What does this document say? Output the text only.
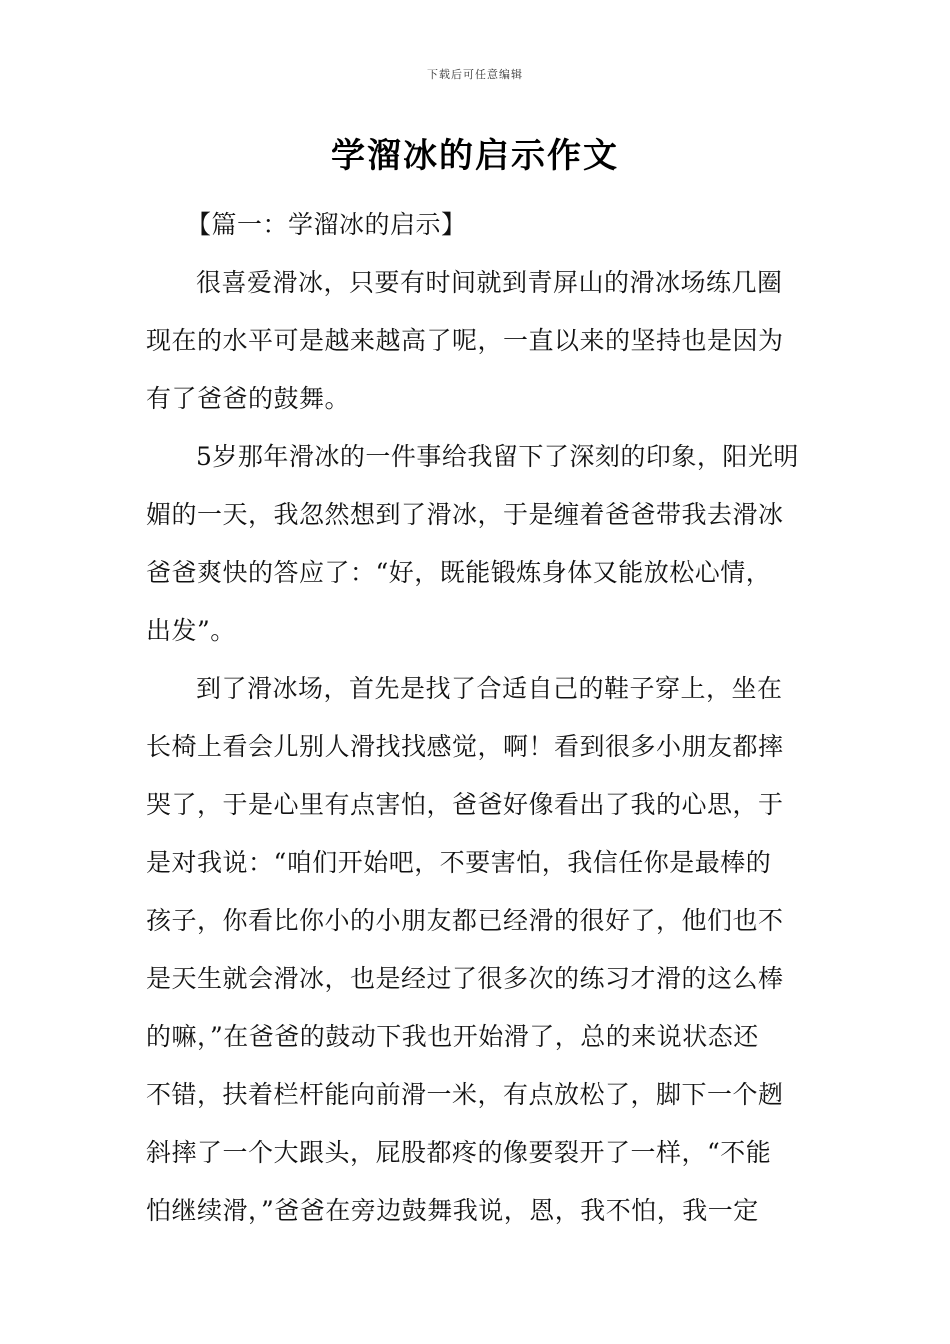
下载后可任意编辑
学溜冰的启示作文
【篇一：学溜冰的启示】
很喜爱滑冰，只要有时间就到青屏山的滑冰场练几圈
现在的水平可是越来越高了呢，一直以来的坚持也是因为
有了爸爸的鼓舞。
5岁那年滑冰的一件事给我留下了深刻的印象，阳光明
媚的一天，我忽然想到了滑冰，于是缠着爸爸带我去滑冰
爸爸爽快的答应了：“好，既能锻炼身体又能放松心情，
出发”。
到了滑冰场，首先是找了合适自己的鞋子穿上，坐在
长椅上看会儿别人滑找找感觉，啊！看到很多小朋友都摔
哭了，于是心里有点害怕，爸爸好像看出了我的心思，于
是对我说：“咱们开始吧，不要害怕，我信任你是最棒的
孩子，你看比你小的小朋友都已经滑的很好了，他们也不
是天生就会滑冰，也是经过了很多次的练习才滑的这么棒
的嘛，”在爸爸的鼓动下我也开始滑了，总的来说状态还
不错，扶着栏杆能向前滑一米，有点放松了，脚下一个趔
斜摔了一个大跟头，屁股都疼的像要裂开了一样，“不能
怕继续滑，”爸爸在旁边鼓舞我说，恩，我不怕，我一定
